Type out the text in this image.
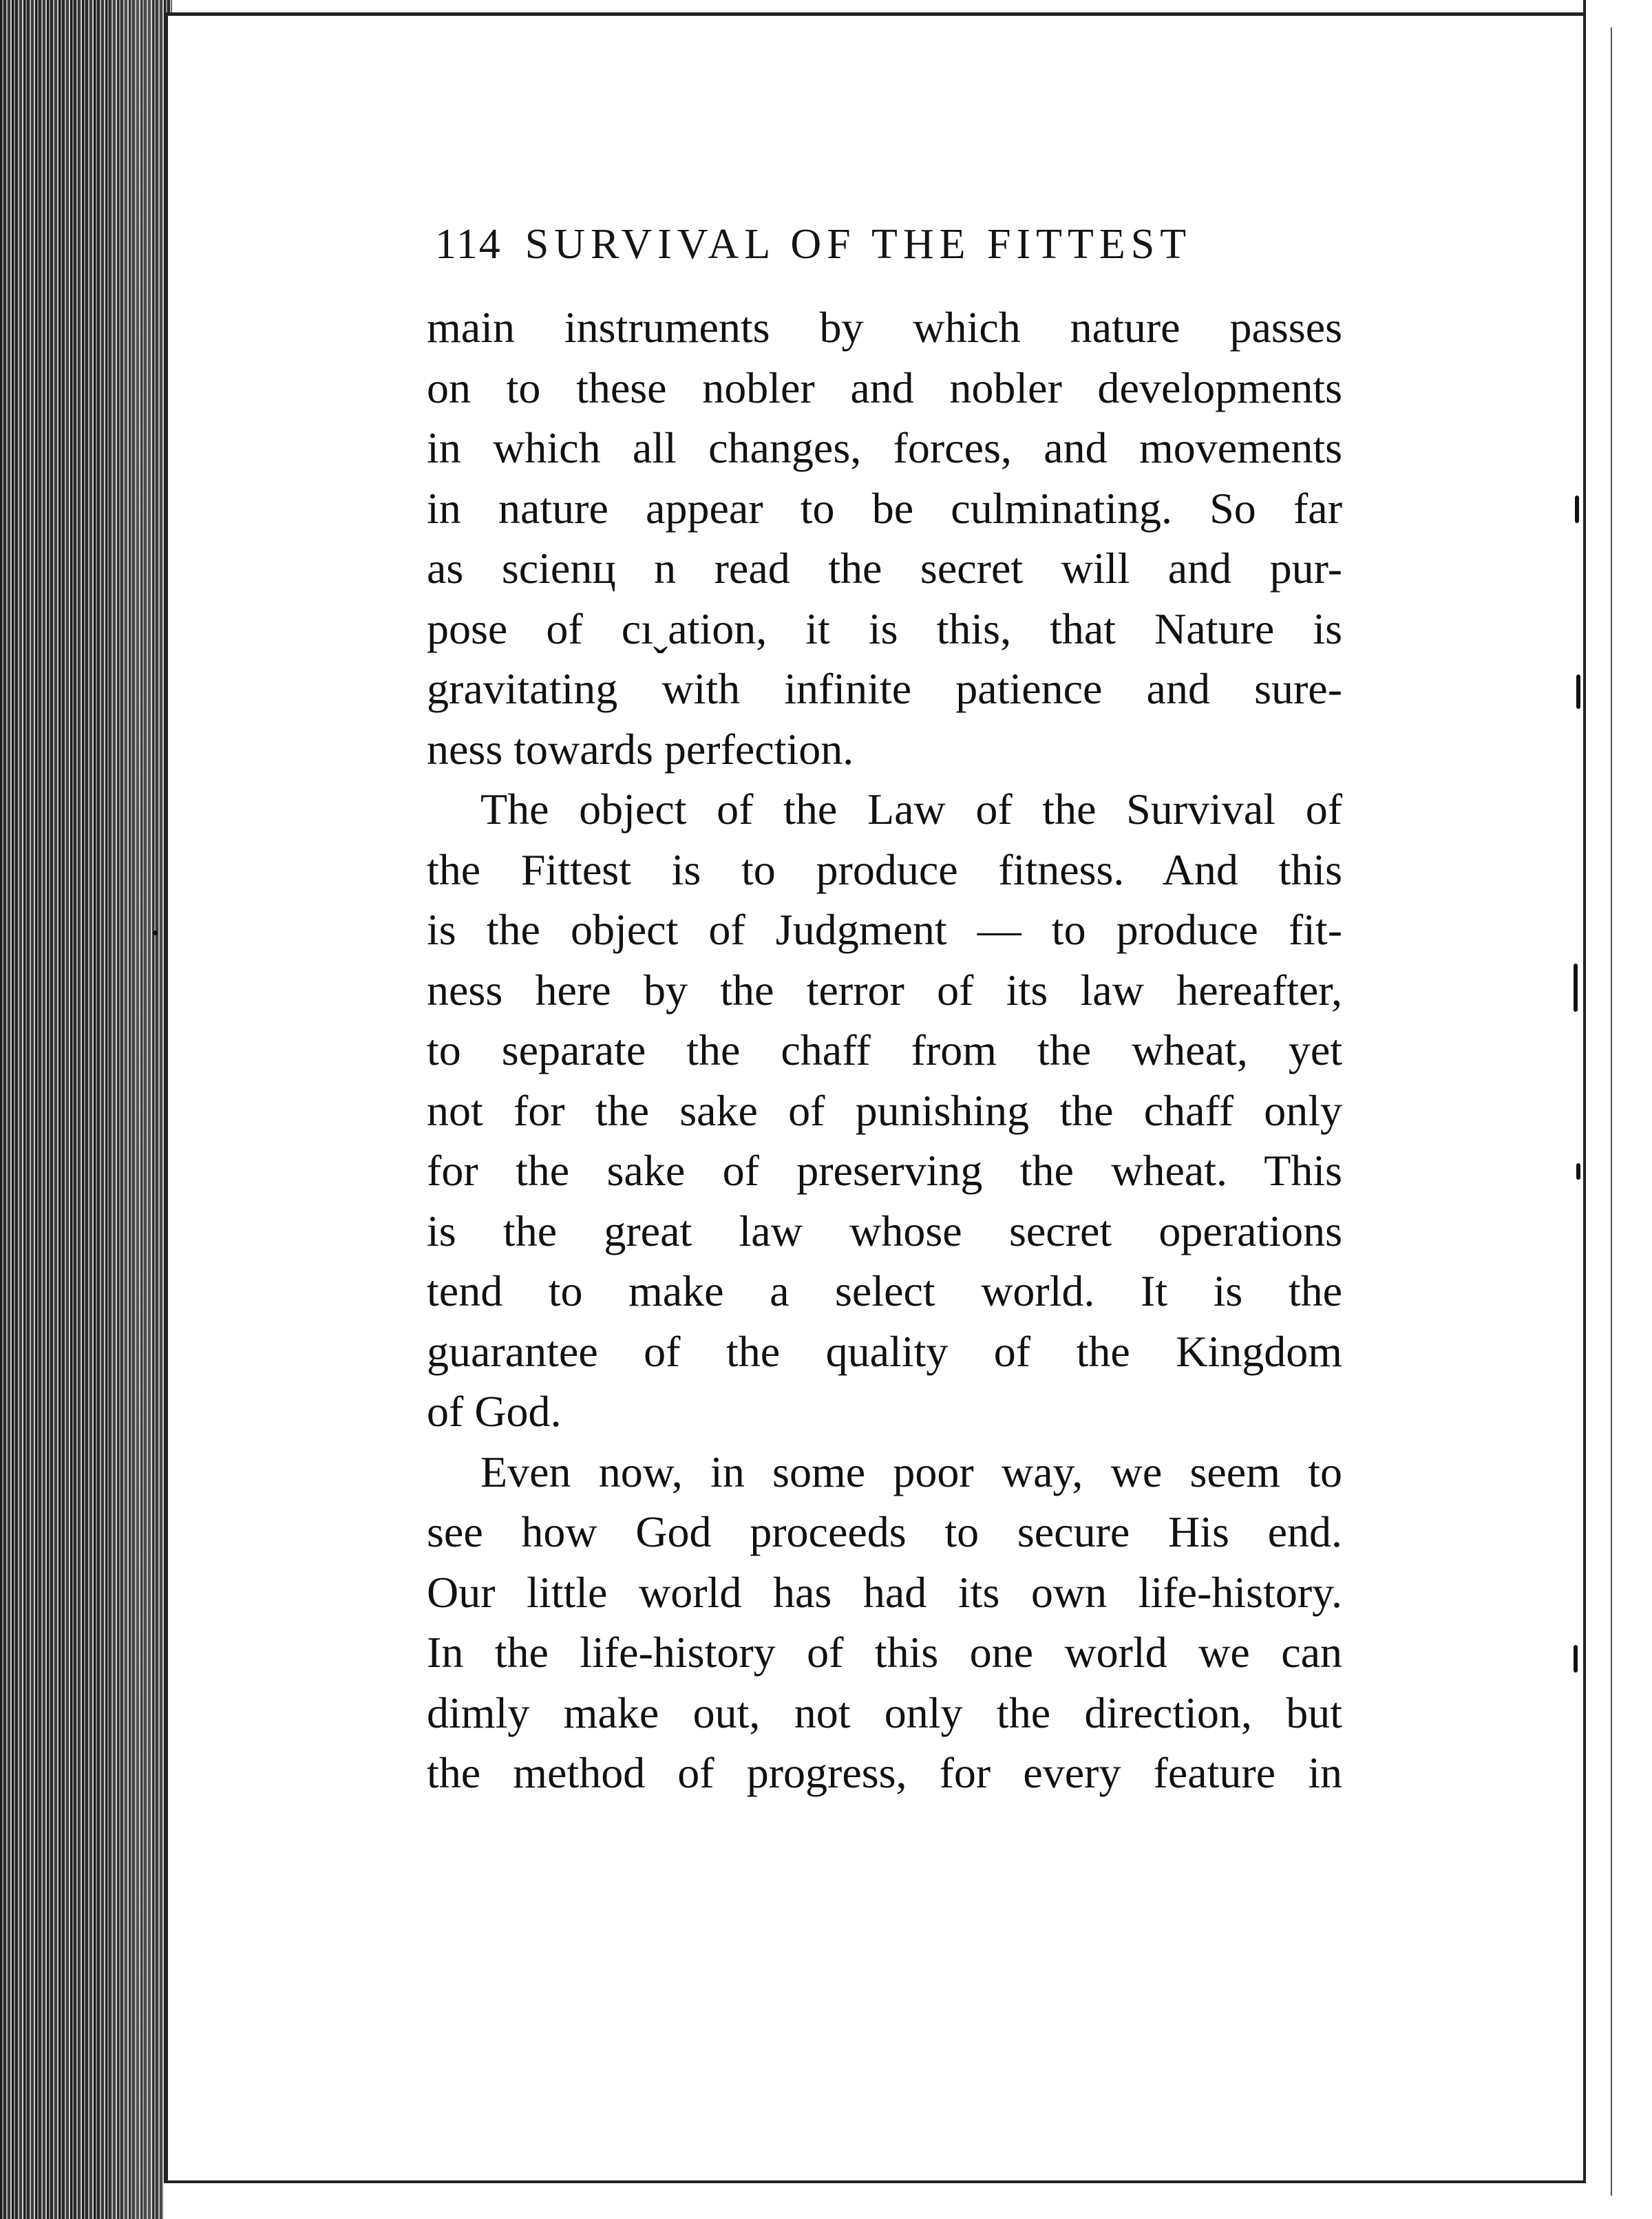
114 SURVIVAL OF THE FITTEST
main instruments by which nature passes
on to these nobler and nobler developments
in which all changes, forces, and movements
in nature appear to be culminating. So far
as scienц n read the secret will and pur-
pose of cıˬation, it is this, that Nature is
gravitating with infinite patience and sure-
ness towards perfection.
The object of the Law of the Survival of
the Fittest is to produce fitness. And this
is the object of Judgment — to produce fit-
ness here by the terror of its law hereafter,
to separate the chaff from the wheat, yet
not for the sake of punishing the chaff only
for the sake of preserving the wheat. This
is the great law whose secret operations
tend to make a select world. It is the
guarantee of the quality of the Kingdom
of God.
Even now, in some poor way, we seem to
see how God proceeds to secure His end.
Our little world has had its own life-history.
In the life-history of this one world we can
dimly make out, not only the direction, but
the method of progress, for every feature in
